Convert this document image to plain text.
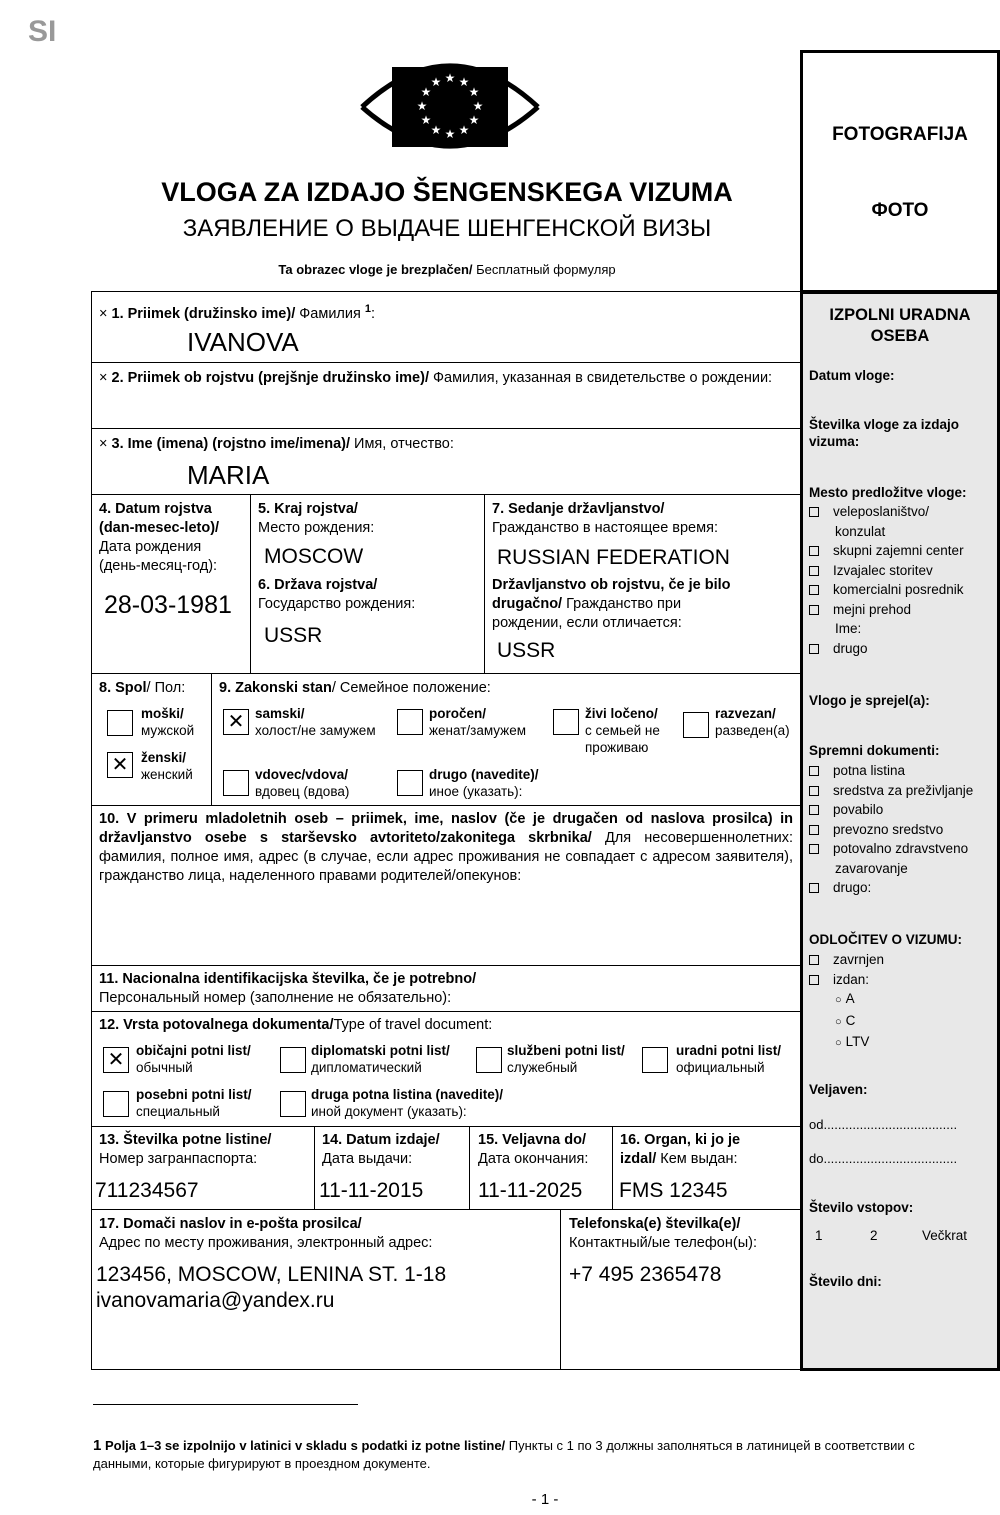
SI
★ ★
★
★
★
★
★
★
★
★
★
★
VLOGA ZA IZDAJO ŠENGENSKEGA VIZUMA
ЗАЯВЛЕНИЕ О ВЫДАЧЕ ШЕНГЕНСКОЙ ВИЗЫ
Ta obrazec vloge je brezplačen/ Бесплатный формуляр
FOTOGRAFIJA
ФОТО
× 1. Priimek (družinsko ime)/ Фамилия $^1$:
IVANOVA
× 2. Priimek ob rojstvu (prejšnje družinsko ime)/ Фамилия, указанная в свидетельстве о рождении:
× 3. Ime (imena) (rojstno ime/imena)/ Имя, отчество:
MARIA
4. Datum rojstva
(dan-mesec-leto)/
Дата рождения
(день-месяц-год):
28-03-1981
5. Kraj rojstva/
Место рождения:
MOSCOW
6. Država rojstva/
Государство рождения:
USSR
7. Sedanje državljanstvo/
Гражданство в настоящее время:
RUSSIAN FEDERATION
Državljanstvo ob rojstvu, če je bilo
drugačno/ Гражданство при
рождении, если отличается:
USSR
8. Spol/ Пол:
moški/
мужской
✕ ženski/
женский
9. Zakonski stan/ Семейное положение:
✕ samski/
холост/не замужем
poročen/
женат/замужем
živi ločeno/
с семьей не
проживаю
razvezan/
разведен(а)
vdovec/vdova/
вдовец (вдова)
drugo (navedite)/
иное (указать):
10. V primeru mladoletnih oseb – priimek, ime, naslov (če je drugačen od naslova prosilca) in državljanstvo osebe s starševsko avtoriteto/zakonitega skrbnika/ Для несовершеннолетних: фамилия, полное имя, адрес (в случае, если адрес проживания не совпадает с адресом заявителя), гражданство лица, наделенного правами родителей/опекунов:
11. Nacionalna identifikacijska številka, če je potrebno/
Персональный номер (заполнение не обязательно):
12. Vrsta potovalnega dokumenta/Type of travel document:
✕ običajni potni list/
обычный
diplomatski potni list/
дипломатический
službeni potni list/
служебный
uradni potni list/
официальный
posebni potni list/
специальный
druga potna listina (navedite)/
иной документ (указать):
13. Številka potne listine/
Номер загранпаспорта:
711234567
14. Datum izdaje/
Дата выдачи:
11-11-2015
15. Veljavna do/
Дата окончания:
11-11-2025
16. Organ, ki jo je
izdal/ Кем выдан:
FMS 12345
17. Domači naslov in e-pošta prosilca/
Адрес по месту проживания, электронный адрес:
123456, MOSCOW, LENINA ST. 1-18
ivanovamaria@yandex.ru
Telefonska(e) številka(e)/
Контактный/ые телефон(ы):
+7 495 2365478
IZPOLNI URADNA
OSEBA
Datum vloge:
Številka vloge za izdajo
vizuma:
Mesto predložitve vloge:
veleposlaništvo/
konzulat
skupni zajemni center
Izvajalec storitev
komercialni posrednik
mejni prehod
Ime:
drugo
Vlogo je sprejel(a):
Spremni dokumenti:
potna listina
sredstva za preživljanje
povabilo
prevozno sredstvo
potovalno zdravstveno
zavarovanje
drugo:
ODLOČITEV O VIZUMU:
zavrnjen
izdan:
○ A
○ C
○ LTV
Veljaven:
od.....................................
do.....................................
Število vstopov:
1	2	Večkrat
Število dni:
1 Polja 1–3 se izpolnijo v latinici v skladu s podatki iz potne listine/ Пункты с 1 по 3 должны заполняться в латиницей в соответствии с данными, которые фигурируют в проездном документе.
- 1 -
